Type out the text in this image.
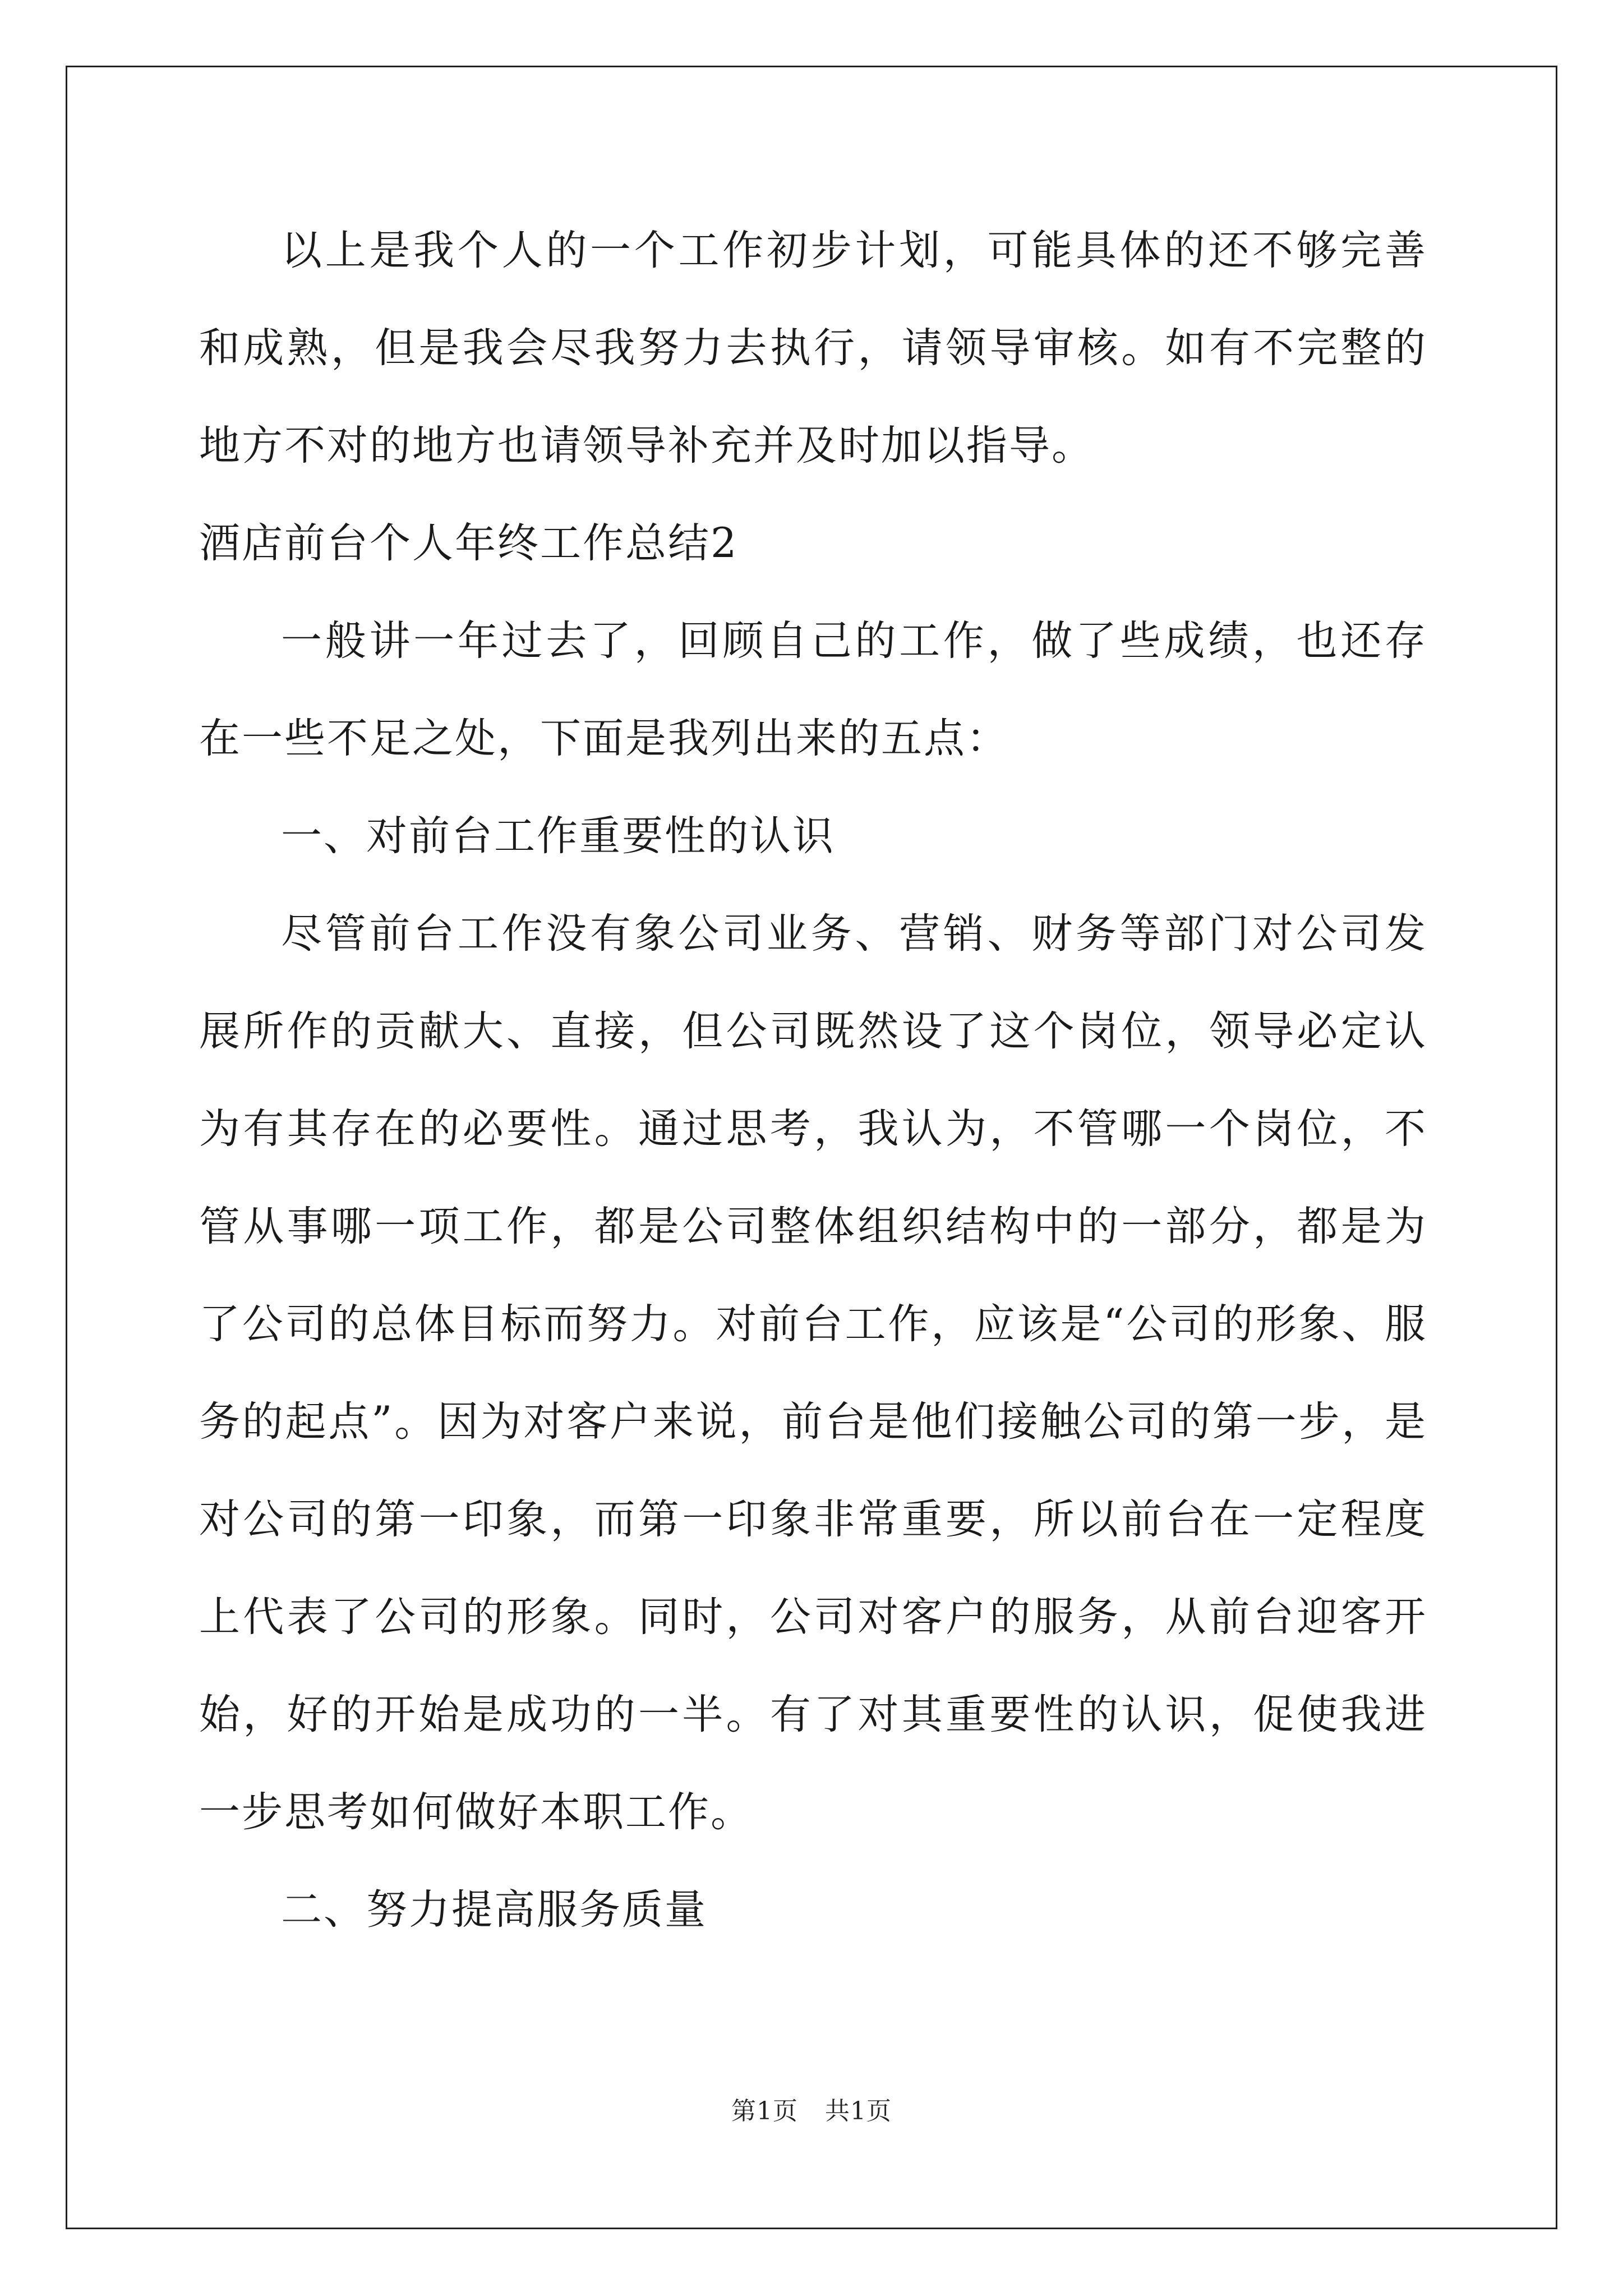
以上是我个人的一个工作初步计划，可能具体的还不够完善和成熟，但是我会尽我努力去执行，请领导审核。如有不完整的地方不对的地方也请领导补充并及时加以指导。

酒店前台个人年终工作总结2

一般讲一年过去了，回顾自己的工作，做了些成绩，也还存在一些不足之处，下面是我列出来的五点：

一、对前台工作重要性的认识

尽管前台工作没有象公司业务、营销、财务等部门对公司发展所作的贡献大、直接，但公司既然设了这个岗位，领导必定认为有其存在的必要性。通过思考，我认为，不管哪一个岗位，不管从事哪一项工作，都是公司整体组织结构中的一部分，都是为了公司的总体目标而努力。对前台工作，应该是“公司的形象、服务的起点”。因为对客户来说，前台是他们接触公司的第一步，是对公司的第一印象，而第一印象非常重要，所以前台在一定程度上代表了公司的形象。同时，公司对客户的服务，从前台迎客开始，好的开始是成功的一半。有了对其重要性的认识，促使我进一步思考如何做好本职工作。

二、努力提高服务质量

第1页 共1页
